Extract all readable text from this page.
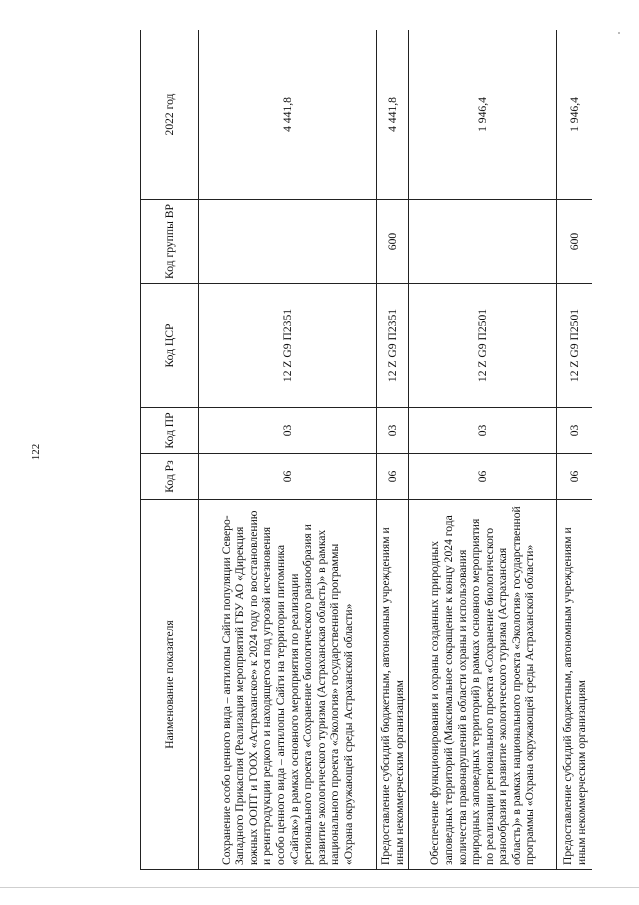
122
Наименование показателя	Код Рз	Код ПР	Код ЦСР	Код группы ВР	2022 год
Сохранение особо ценного вида – антилопы Сайги популяции Северо-Западного Прикаспия (Реализация мероприятий ГБУ АО «Дирекция южных ООПТ и ГООХ «Астраханское» к 2024 году по восстановлению и реинтродукции редкого и находящегося под угрозой исчезновения особо ценного вида – антилопы Сайги на территории питомника «Сайгак») в рамках основного мероприятия по реализации регионального проекта «Сохранение биологического разнообразия и развитие экологического туризма (Астраханская область)» в рамках национального проекта «Экология» государственной программы «Охрана окружающей среды Астраханской области»	06	03	12 Z G9 П2351		4 441,8
Предоставление субсидий бюджетным, автономным учреждениям и иным некоммерческим организациям	06	03	12 Z G9 П2351	600	4 441,8
Обеспечение функционирования и охраны созданных природных заповедных территорий (Максимальное сокращение к концу 2024 года количества правонарушений в области охраны и использования природных заповедных территорий) в рамках основного мероприятия по реализации регионального проекта «Сохранение биологического разнообразия и развитие экологического туризма (Астраханская область)» в рамках национального проекта «Экология» государственной программы «Охрана окружающей среды Астраханской области»	06	03	12 Z G9 П2501		1 946,4
Предоставление субсидий бюджетным, автономным учреждениям и иным некоммерческим организациям	06	03	12 Z G9 П2501	600	1 946,4
